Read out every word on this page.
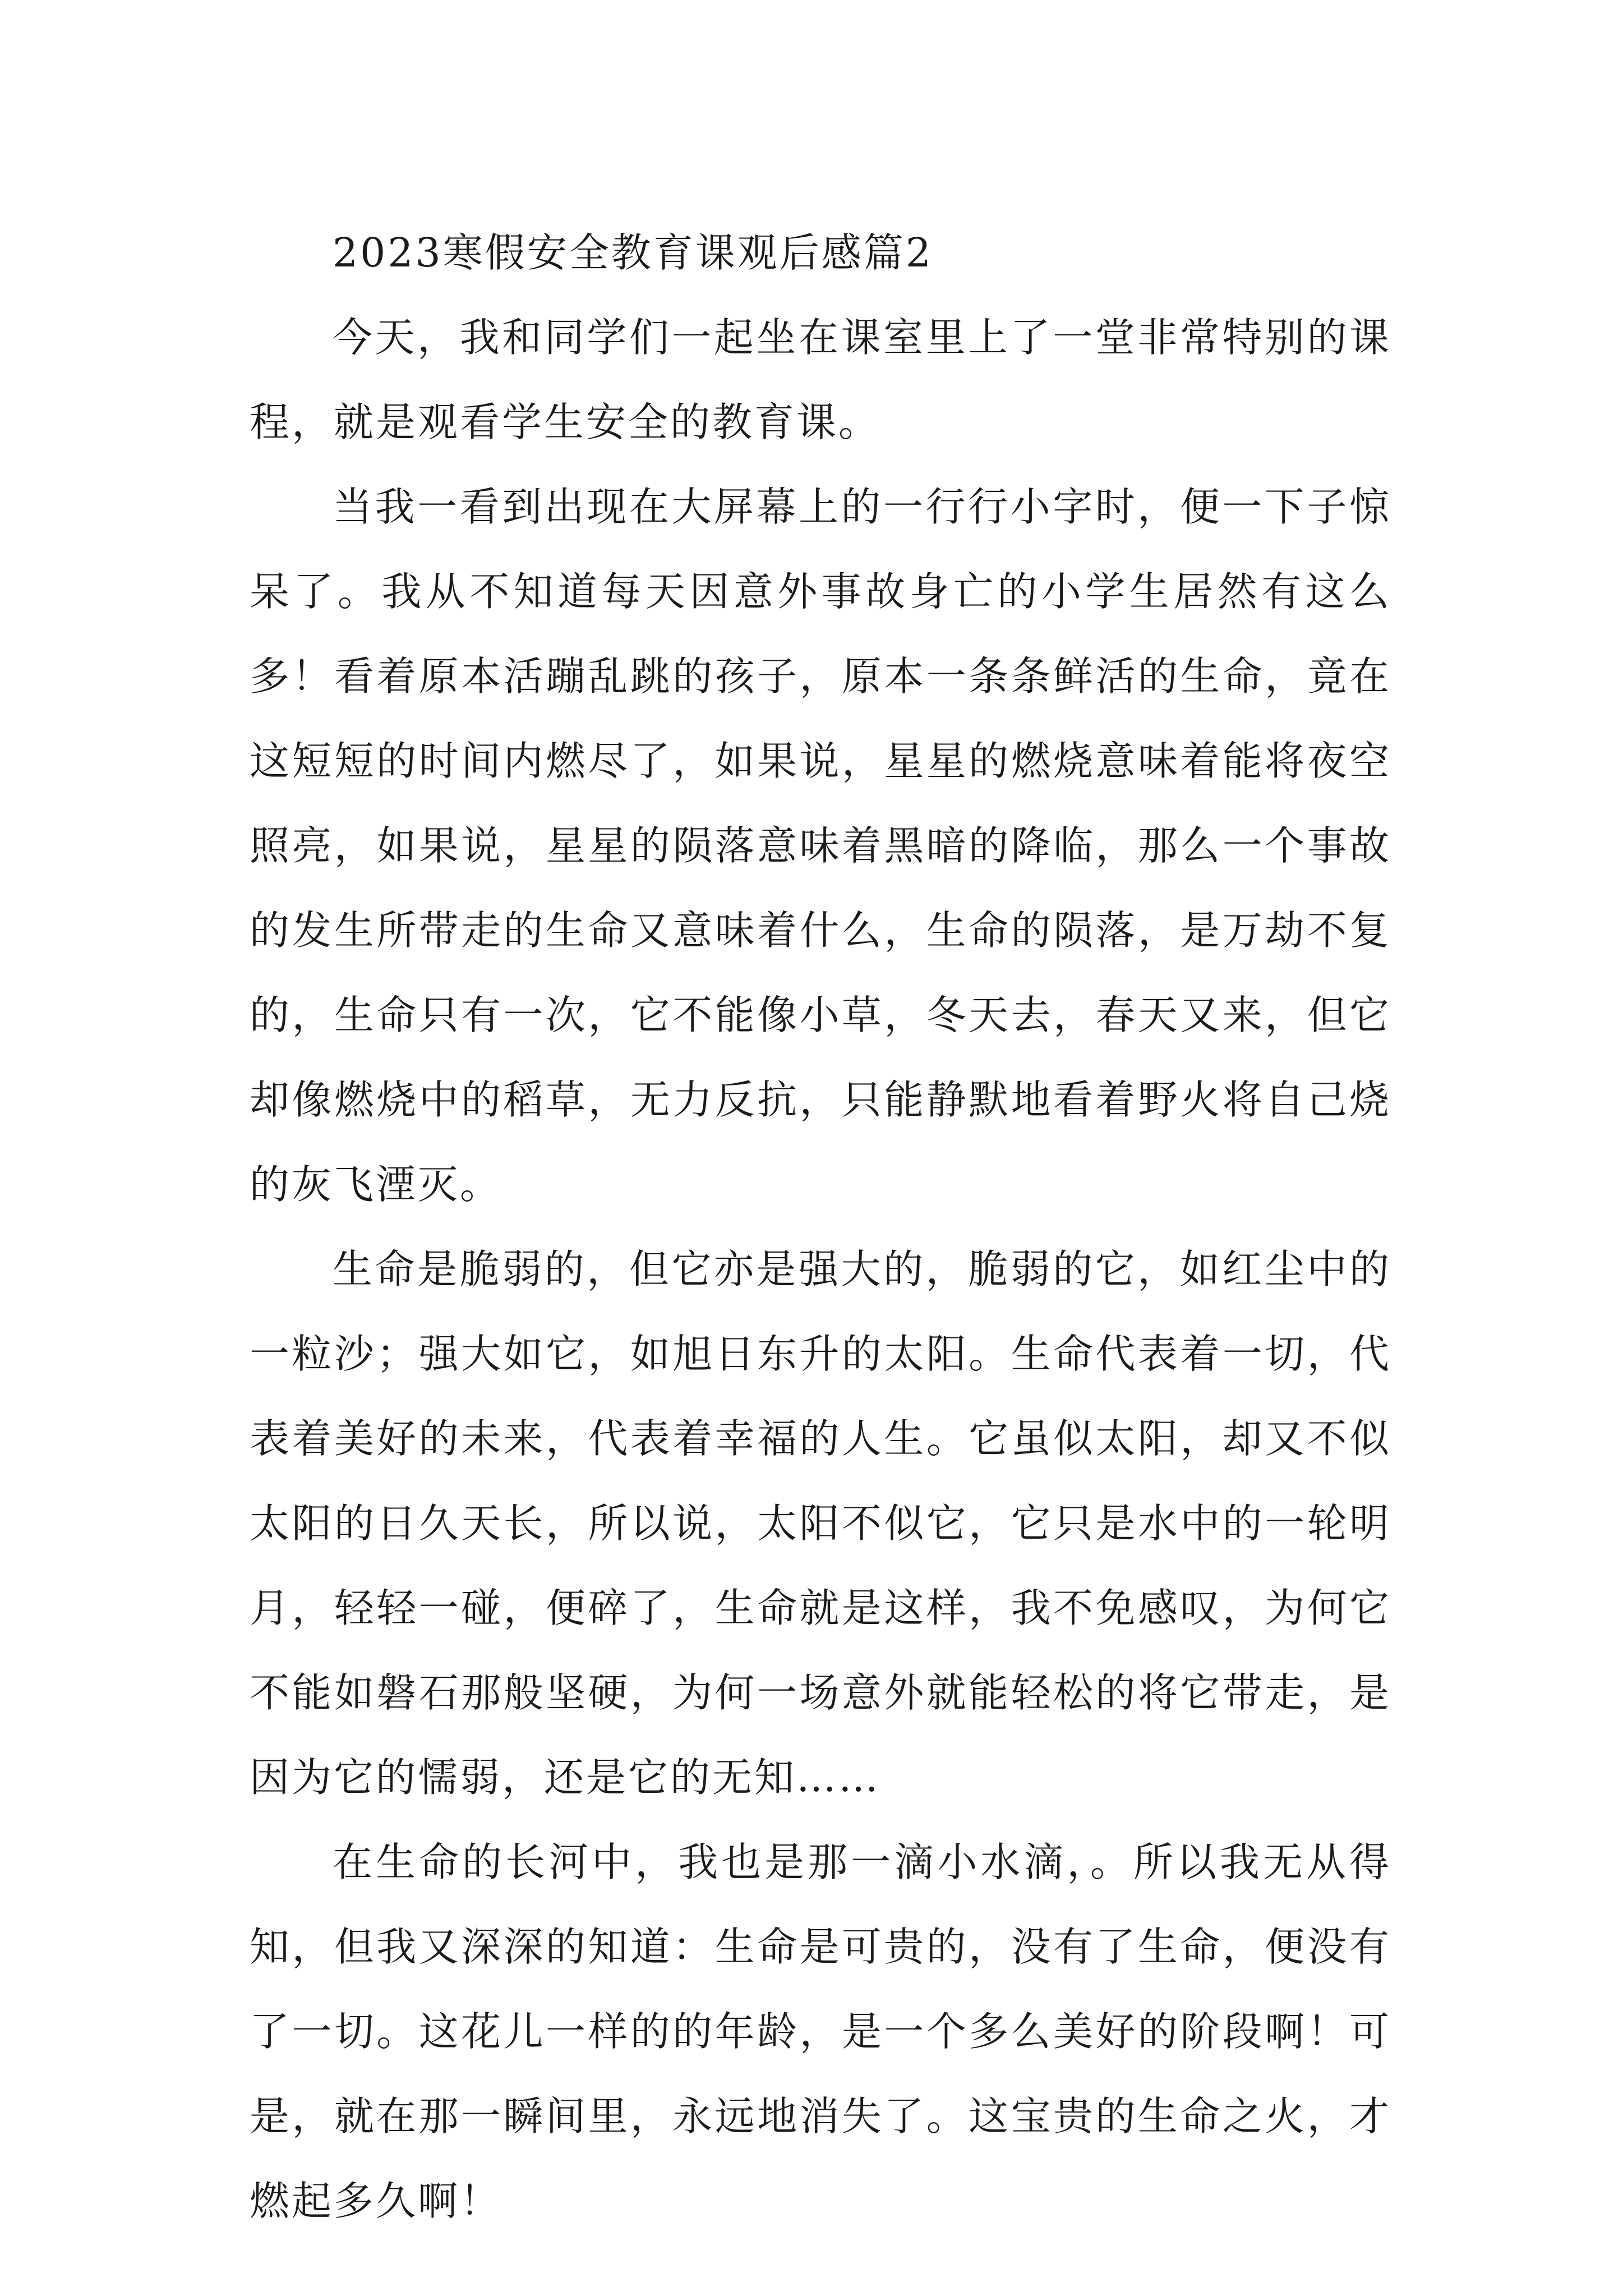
2023寒假安全教育课观后感篇2

今天，我和同学们一起坐在课室里上了一堂非常特别的课程，就是观看学生安全的教育课。

当我一看到出现在大屏幕上的一行行小字时，便一下子惊呆了。我从不知道每天因意外事故身亡的小学生居然有这么多！看着原本活蹦乱跳的孩子，原本一条条鲜活的生命，竟在这短短的时间内燃尽了，如果说，星星的燃烧意味着能将夜空照亮，如果说，星星的陨落意味着黑暗的降临，那么一个事故的发生所带走的生命又意味着什么，生命的陨落，是万劫不复的，生命只有一次，它不能像小草，冬天去，春天又来，但它却像燃烧中的稻草，无力反抗，只能静默地看着野火将自己烧的灰飞湮灭。

生命是脆弱的，但它亦是强大的，脆弱的它，如红尘中的一粒沙；强大如它，如旭日东升的太阳。生命代表着一切，代表着美好的未来，代表着幸福的人生。它虽似太阳，却又不似太阳的日久天长，所以说，太阳不似它，它只是水中的一轮明月，轻轻一碰，便碎了，生命就是这样，我不免感叹，为何它不能如磐石那般坚硬，为何一场意外就能轻松的将它带走，是因为它的懦弱，还是它的无知……

在生命的长河中，我也是那一滴小水滴，。所以我无从得知，但我又深深的知道：生命是可贵的，没有了生命，便没有了一切。这花儿一样的的年龄，是一个多么美好的阶段啊！可是，就在那一瞬间里，永远地消失了。这宝贵的生命之火，才燃起多久啊！
